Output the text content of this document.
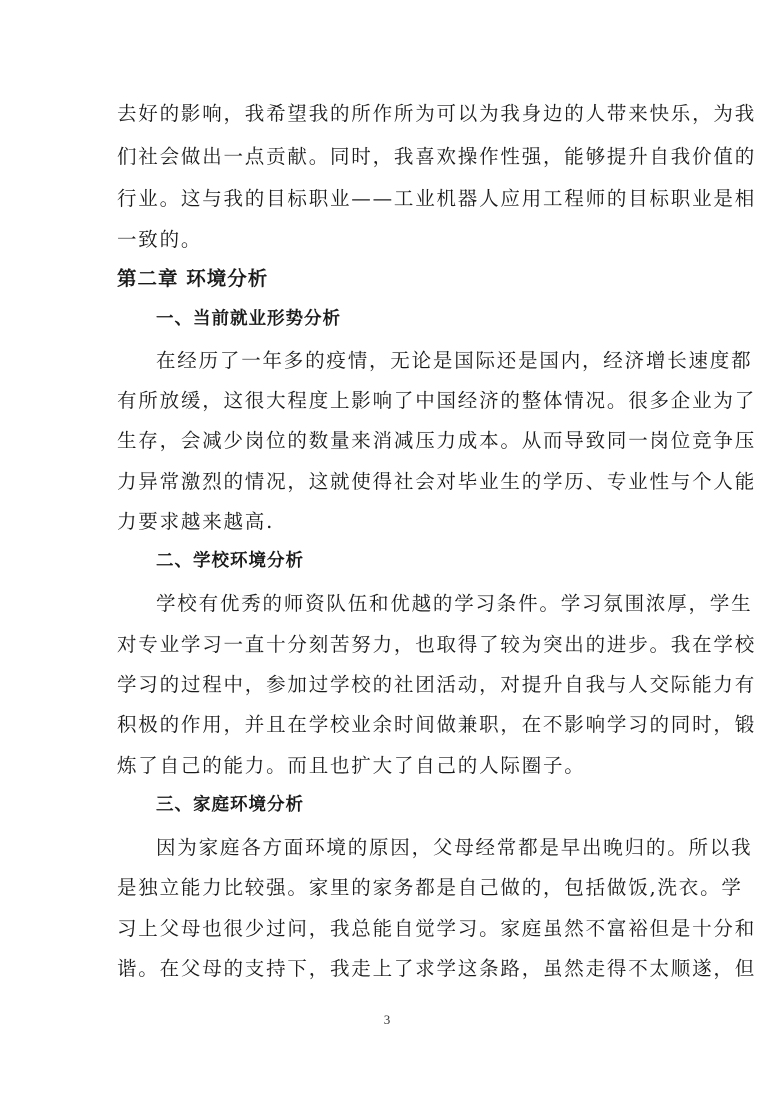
去好的影响，我希望我的所作所为可以为我身边的人带来快乐，为我
们社会做出一点贡献。同时，我喜欢操作性强，能够提升自我价值的
行业。这与我的目标职业——工业机器人应用工程师的目标职业是相
一致的。
第二章 环境分析
一、当前就业形势分析
在经历了一年多的疫情，无论是国际还是国内，经济增长速度都
有所放缓，这很大程度上影响了中国经济的整体情况。很多企业为了
生存，会减少岗位的数量来消减压力成本。从而导致同一岗位竞争压
力异常激烈的情况，这就使得社会对毕业生的学历、专业性与个人能
力要求越来越高.
二、学校环境分析
学校有优秀的师资队伍和优越的学习条件。学习氛围浓厚，学生
对专业学习一直十分刻苦努力，也取得了较为突出的进步。我在学校
学习的过程中，参加过学校的社团活动，对提升自我与人交际能力有
积极的作用，并且在学校业余时间做兼职，在不影响学习的同时，锻
炼了自己的能力。而且也扩大了自己的人际圈子。
三、家庭环境分析
因为家庭各方面环境的原因，父母经常都是早出晚归的。所以我
是独立能力比较强。家里的家务都是自己做的，包括做饭,洗衣。学
习上父母也很少过问，我总能自觉学习。家庭虽然不富裕但是十分和
谐。在父母的支持下，我走上了求学这条路，虽然走得不太顺遂，但
3
